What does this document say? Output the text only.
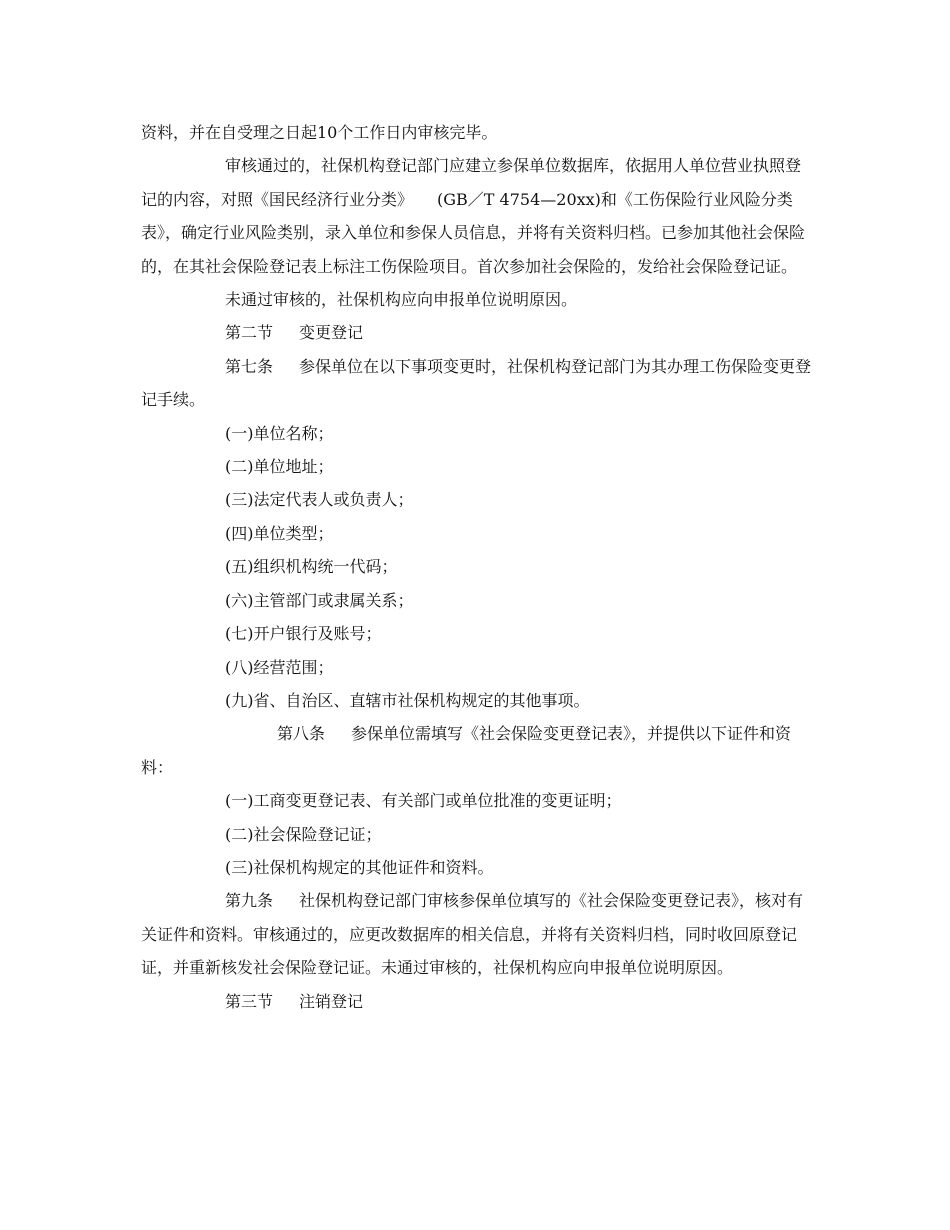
资料，并在自受理之日起10个工作日内审核完毕。

审核通过的，社保机构登记部门应建立参保单位数据库，依据用人单位营业执照登记的内容，对照《国民经济行业分类》　　(GB／T 4754—20xx)和《工伤保险行业风险分类表》，确定行业风险类别，录入单位和参保人员信息，并将有关资料归档。已参加其他社会保险的，在其社会保险登记表上标注工伤保险项目。首次参加社会保险的，发给社会保险登记证。

未通过审核的，社保机构应向申报单位说明原因。

第二节 变更登记

第七条 参保单位在以下事项变更时，社保机构登记部门为其办理工伤保险变更登记手续。

(一)单位名称；

(二)单位地址；

(三)法定代表人或负责人；

(四)单位类型；

(五)组织机构统一代码；

(六)主管部门或隶属关系；

(七)开户银行及账号；

(八)经营范围；

(九)省、自治区、直辖市社保机构规定的其他事项。

第八条 参保单位需填写《社会保险变更登记表》，并提供以下证件和资料：

(一)工商变更登记表、有关部门或单位批准的变更证明；

(二)社会保险登记证；

(三)社保机构规定的其他证件和资料。

第九条 社保机构登记部门审核参保单位填写的《社会保险变更登记表》，核对有关证件和资料。审核通过的，应更改数据库的相关信息，并将有关资料归档，同时收回原登记证，并重新核发社会保险登记证。未通过审核的，社保机构应向申报单位说明原因。

第三节 注销登记
